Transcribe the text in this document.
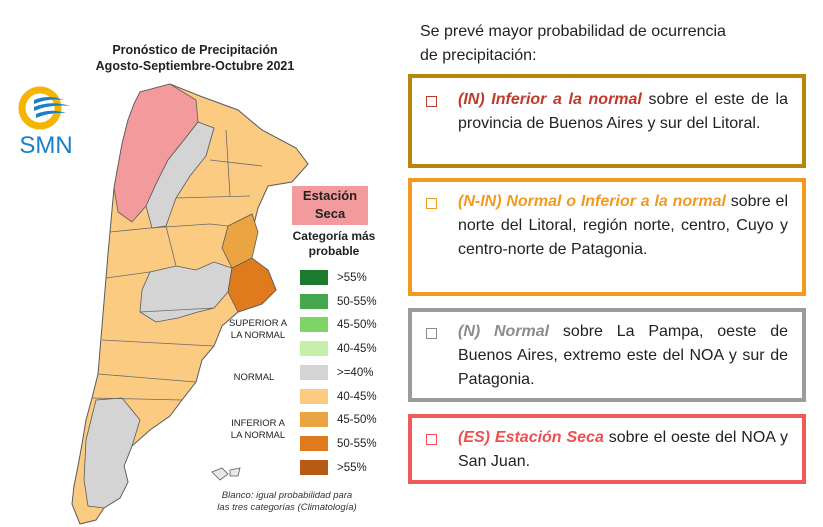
Pronóstico de Precipitación
Agosto-Septiembre-Octubre 2021
SMN
Estación
Seca
Categoría más
probable
>55%
50-55%
45-50%
40-45%
>=40%
40-45%
45-50%
50-55%
>55%
SUPERIOR A
LA NORMAL
NORMAL
INFERIOR A
LA NORMAL
Blanco: igual probabilidad para
las tres categorías (Climatología)
Se prevé mayor probabilidad de ocurrencia
de precipitación:
(IN) Inferior a la normal sobre el este de la provincia de Buenos Aires y sur del Litoral.
(N-IN) Normal o Inferior a la normal sobre el norte del Litoral, región norte, centro, Cuyo y centro-norte de Patagonia.
(N) Normal sobre La Pampa, oeste de Buenos Aires, extremo este del NOA y sur de Patagonia.
(ES) Estación Seca sobre el oeste del NOA y San Juan.
